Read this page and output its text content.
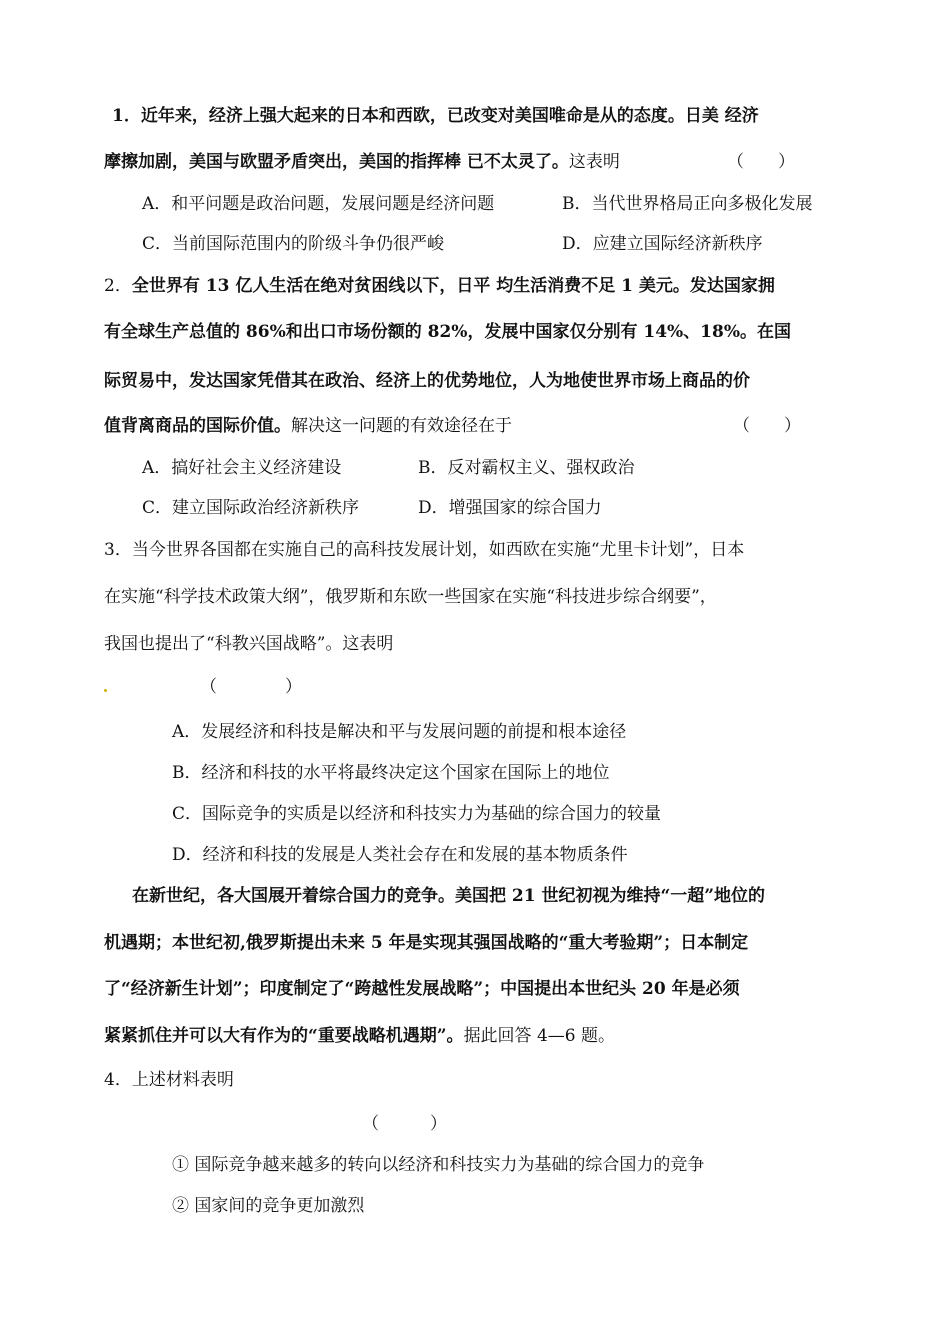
1．近年来，经济上强大起来的日本和西欧，已改变对美国唯命是从的态度。日美 经济
摩擦加剧，美国与欧盟矛盾突出，美国的指挥棒 已不太灵了。这表明	（　　）
A．和平问题是政治问题，发展问题是经济问题	B．当代世界格局正向多极化发展
C．当前国际范围内的阶级斗争仍很严峻	D．应建立国际经济新秩序
2．全世界有 13 亿人生活在绝对贫困线以下，日平 均生活消费不足 1 美元。发达国家拥
有全球生产总值的 86%和出口市场份额的 82%，发展中国家仅分别有 14%、18%。在国
际贸易中，发达国家凭借其在政治、经济上的优势地位，人为地使世界市场上商品的价
值背离商品的国际价值。解决这一问题的有效途径在于	（　　）
A．搞好社会主义经济建设	B．反对霸权主义、强权政治
C．建立国际政治经济新秩序	D．增强国家的综合国力
3．当今世界各国都在实施自己的高科技发展计划，如西欧在实施“尤里卡计划”，日本
在实施“科学技术政策大纲”，俄罗斯和东欧一些国家在实施“科技进步综合纲要”，
我国也提出了“科教兴国战略”。这表明
（　　　　）
A．发展经济和科技是解决和平与发展问题的前提和根本途径
B．经济和科技的水平将最终决定这个国家在国际上的地位
C．国际竞争的实质是以经济和科技实力为基础的综合国力的较量
D．经济和科技的发展是人类社会存在和发展的基本物质条件
在新世纪，各大国展开着综合国力的竞争。美国把 21 世纪初视为维持“一超”地位的
机遇期；本世纪初,俄罗斯提出未来 5 年是实现其强国战略的“重大考验期”；日本制定
了“经济新生计划”；印度制定了“跨越性发展战略”；中国提出本世纪头 20 年是必须
紧紧抓住并可以大有作为的“重要战略机遇期”。据此回答 4—6 题。
4．上述材料表明
（　　　）
① 国际竞争越来越多的转向以经济和科技实力为基础的综合国力的竞争
② 国家间的竞争更加激烈
